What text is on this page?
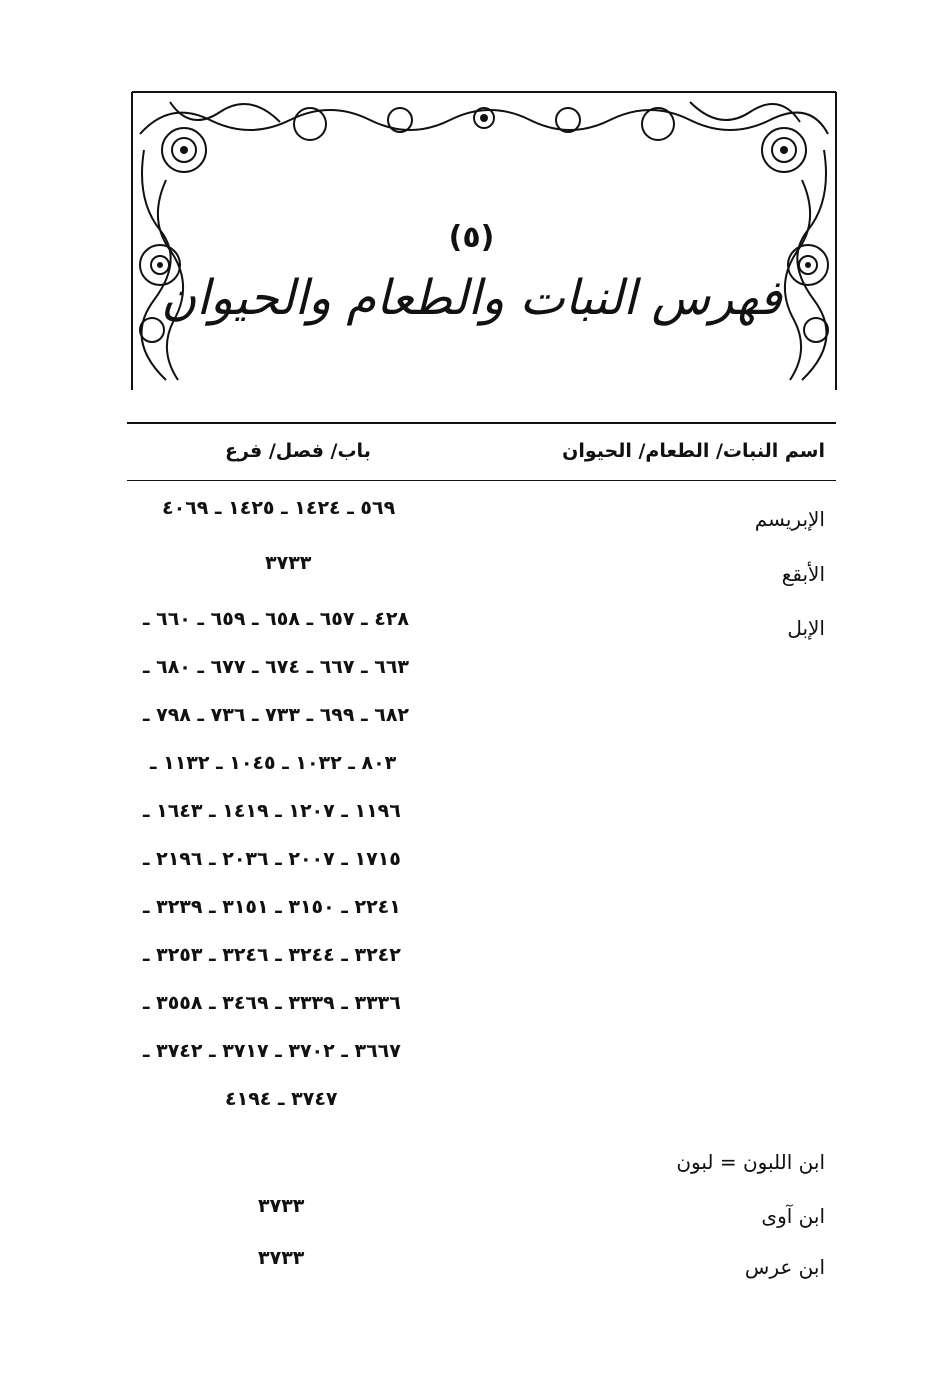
(٥)
فهرس النبات والطعام والحيوان
اسم النبات/ الطعام/ الحيوان
باب/ فصل/ فرع
الإبريسم
٥٦٩ ـ ١٤٢٤ ـ ١٤٢٥ ـ ٤٠٦٩
الأبقع
٣٧٣٣
الإبل
٤٢٨ ـ ٦٥٧ ـ ٦٥٨ ـ ٦٥٩ ـ ٦٦٠ ـ
٦٦٣ ـ ٦٦٧ ـ ٦٧٤ ـ ٦٧٧ ـ ٦٨٠ ـ
٦٨٢ ـ ٦٩٩ ـ ٧٣٣ ـ ٧٣٦ ـ ٧٩٨ ـ
٨٠٣ ـ ١٠٣٢ ـ ١٠٤٥ ـ ١١٣٢ ـ
١١٩٦ ـ ١٢٠٧ ـ ١٤١٩ ـ ١٦٤٣ ـ
١٧١٥ ـ ٢٠٠٧ ـ ٢٠٣٦ ـ ٢١٩٦ ـ
٢٢٤١ ـ ٣١٥٠ ـ ٣١٥١ ـ ٣٢٣٩ ـ
٣٢٤٢ ـ ٣٢٤٤ ـ ٣٢٤٦ ـ ٣٢٥٣ ـ
٣٣٣٦ ـ ٣٣٣٩ ـ ٣٤٦٩ ـ ٣٥٥٨ ـ
٣٦٦٧ ـ ٣٧٠٢ ـ ٣٧١٧ ـ ٣٧٤٢ ـ
٣٧٤٧ ـ ٤١٩٤
ابن اللبون = لبون
ابن آوى
٣٧٣٣
ابن عرس
٣٧٣٣
